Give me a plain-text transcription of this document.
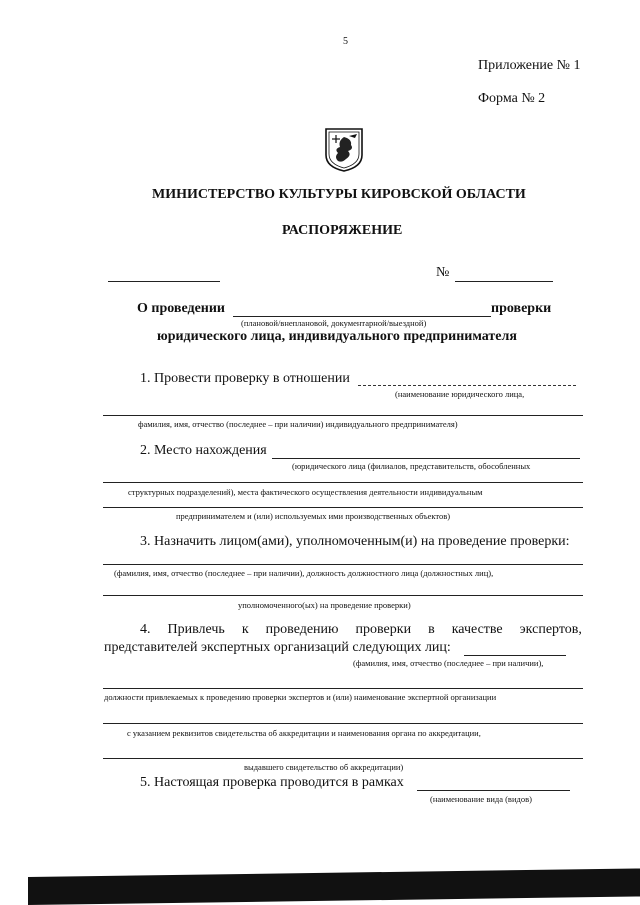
5
Приложение № 1
Форма № 2
МИНИСТЕРСТВО КУЛЬТУРЫ КИРОВСКОЙ ОБЛАСТИ
РАСПОРЯЖЕНИЕ
№
О проведении	проверки
(плановой/внеплановой, документарной/выездной)
юридического лица, индивидуального предпринимателя
1. Провести проверку в отношении
(наименование юридического лица,
фамилия, имя, отчество (последнее – при наличии) индивидуального предпринимателя)
2. Место нахождения
(юридического лица (филиалов, представительств, обособленных
структурных подразделений), места фактического осуществления деятельности индивидуальным
предпринимателем и (или) используемых ими производственных объектов)
3. Назначить лицом(ами), уполномоченным(и) на проведение проверки:
(фамилия, имя, отчество (последнее – при наличии), должность должностного лица (должностных лиц),
уполномоченного(ых) на проведение проверки)
4. Привлечь к проведению проверки в качестве экспертов,
представителей экспертных организаций следующих лиц:
(фамилия, имя, отчество (последнее – при наличии),
должности привлекаемых к проведению проверки экспертов и (или) наименование экспертной организации
с указанием реквизитов свидетельства об аккредитации и наименования органа по аккредитации,
выдавшего свидетельство об аккредитации)
5. Настоящая проверка проводится в рамках
(наименование вида (видов)
